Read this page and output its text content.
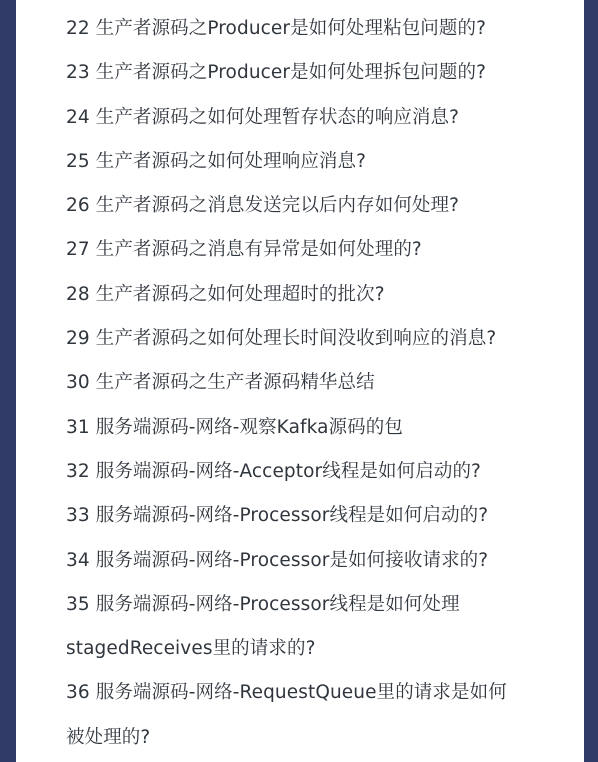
22 生产者源码之Producer是如何处理粘包问题的?
23 生产者源码之Producer是如何处理拆包问题的?
24 生产者源码之如何处理暂存状态的响应消息?
25 生产者源码之如何处理响应消息?
26 生产者源码之消息发送完以后内存如何处理?
27 生产者源码之消息有异常是如何处理的?
28 生产者源码之如何处理超时的批次?
29 生产者源码之如何处理长时间没收到响应的消息?
30 生产者源码之生产者源码精华总结
31 服务端源码-网络-观察Kafka源码的包
32 服务端源码-网络-Acceptor线程是如何启动的?
33 服务端源码-网络-Processor线程是如何启动的?
34 服务端源码-网络-Processor是如何接收请求的?
35 服务端源码-网络-Processor线程是如何处理
stagedReceives里的请求的?
36 服务端源码-网络-RequestQueue里的请求是如何
被处理的?
